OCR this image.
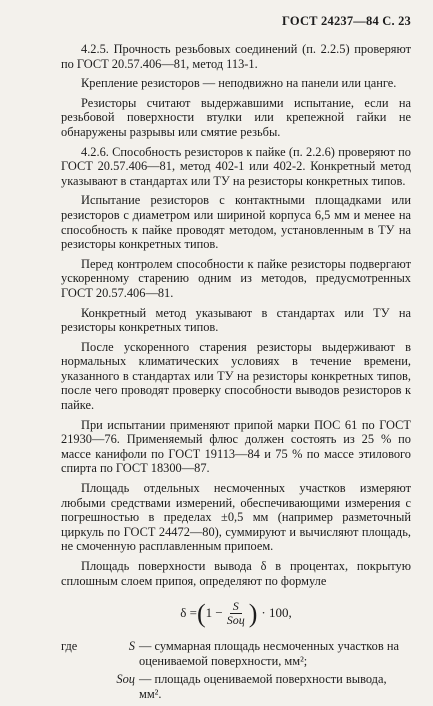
ГОСТ 24237—84 С. 23

4.2.5. Прочность резьбовых соединений (п. 2.2.5) проверяют по ГОСТ 20.57.406—81, метод 113-1.

Крепление резисторов — неподвижно на панели или цанге.

Резисторы считают выдержавшими испытание, если на резьбовой поверхности втулки или крепежной гайки не обнаружены разрывы или смятие резьбы.

4.2.6. Способность резисторов к пайке (п. 2.2.6) проверяют по ГОСТ 20.57.406—81, метод 402-1 или 402-2. Конкретный метод указывают в стандартах или ТУ на резисторы конкретных типов.

Испытание резисторов с контактными площадками или резисторов с диаметром или шириной корпуса 6,5 мм и менее на способность к пайке проводят методом, установленным в ТУ на резисторы конкретных типов.

Перед контролем способности к пайке резисторы подвергают ускоренному старению одним из методов, предусмотренных ГОСТ 20.57.406—81.

Конкретный метод указывают в стандартах или ТУ на резисторы конкретных типов.

После ускоренного старения резисторы выдерживают в нормальных климатических условиях в течение времени, указанного в стандартах или ТУ на резисторы конкретных типов, после чего проводят проверку способности выводов резисторов к пайке.

При испытании применяют припой марки ПОС 61 по ГОСТ 21930—76. Применяемый флюс должен состоять из 25 % по массе канифоли по ГОСТ 19113—84 и 75 % по массе этилового спирта по ГОСТ 18300—87.

Площадь отдельных несмоченных участков измеряют любыми средствами измерений, обеспечивающими измерения с погрешностью в пределах ±0,5 мм (например разметочный циркуль по ГОСТ 24472—80), суммируют и вычисляют площадь, не смоченную расплавленным припоем.

Площадь поверхности вывода δ в процентах, покрытую сплошным слоем припоя, определяют по формуле

δ = ( $1 - \frac{S}{\text{Sоц}}$ ) · 100,
где	S — суммарная площадь несмоченных участков на оцениваемой поверхности, мм²;
Sоц — площадь оцениваемой поверхности вывода, мм².
